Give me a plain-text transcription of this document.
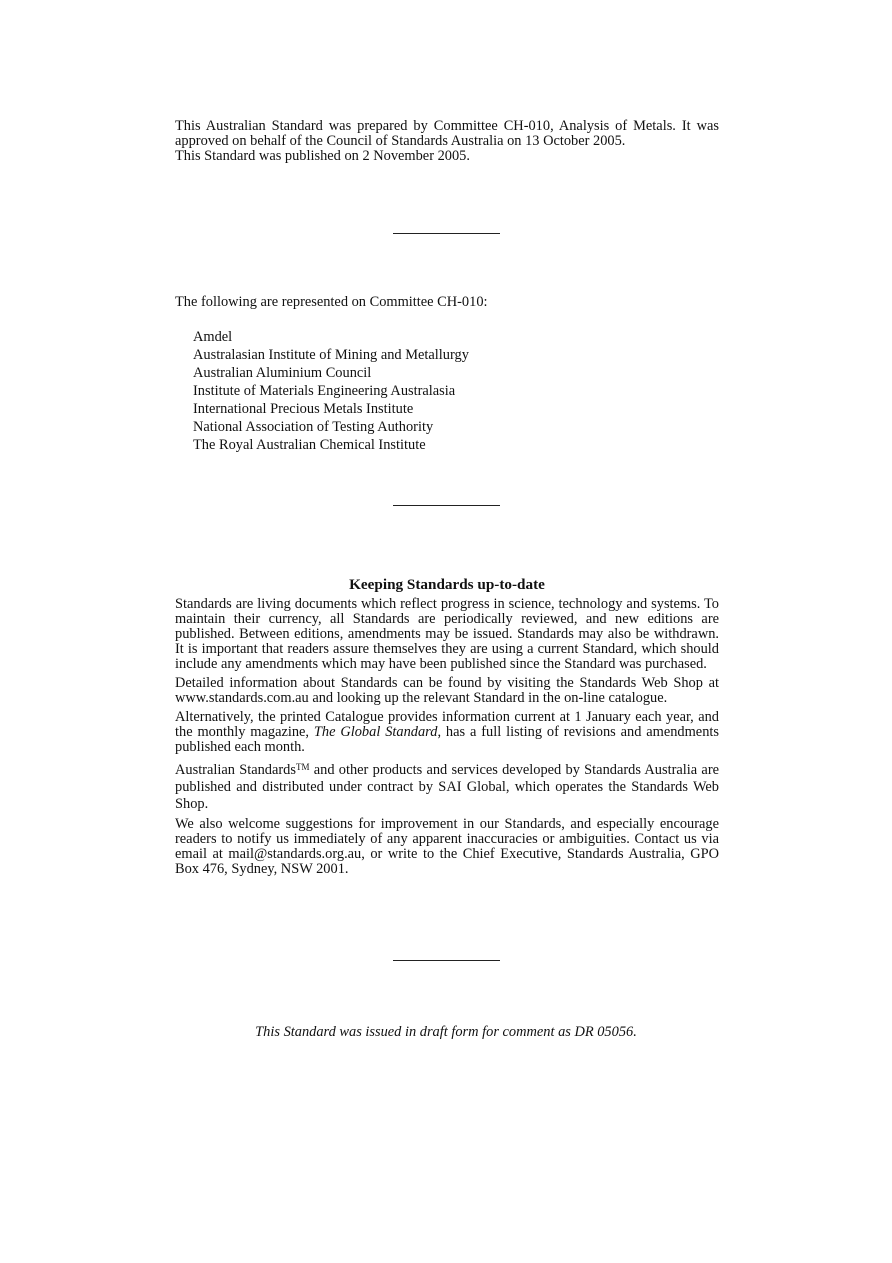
This Australian Standard was prepared by Committee CH-010, Analysis of Metals. It was approved on behalf of the Council of Standards Australia on 13 October 2005.

This Standard was published on 2 November 2005.

The following are represented on Committee CH-010:

Amdel
Australasian Institute of Mining and Metallurgy
Australian Aluminium Council
Institute of Materials Engineering Australasia
International Precious Metals Institute
National Association of Testing Authority
The Royal Australian Chemical Institute
Keeping Standards up-to-date

Standards are living documents which reflect progress in science, technology and systems. To maintain their currency, all Standards are periodically reviewed, and new editions are published. Between editions, amendments may be issued. Standards may also be withdrawn. It is important that readers assure themselves they are using a current Standard, which should include any amendments which may have been published since the Standard was purchased.

Detailed information about Standards can be found by visiting the Standards Web Shop at www.standards.com.au and looking up the relevant Standard in the on-line catalogue.

Alternatively, the printed Catalogue provides information current at 1 January each year, and the monthly magazine, The Global Standard, has a full listing of revisions and amendments published each month.

Australian Standards™ and other products and services developed by Standards Australia are published and distributed under contract by SAI Global, which operates the Standards Web Shop.

We also welcome suggestions for improvement in our Standards, and especially encourage readers to notify us immediately of any apparent inaccuracies or ambiguities. Contact us via email at mail@standards.org.au, or write to the Chief Executive, Standards Australia, GPO Box 476, Sydney, NSW 2001.

This Standard was issued in draft form for comment as DR 05056.
